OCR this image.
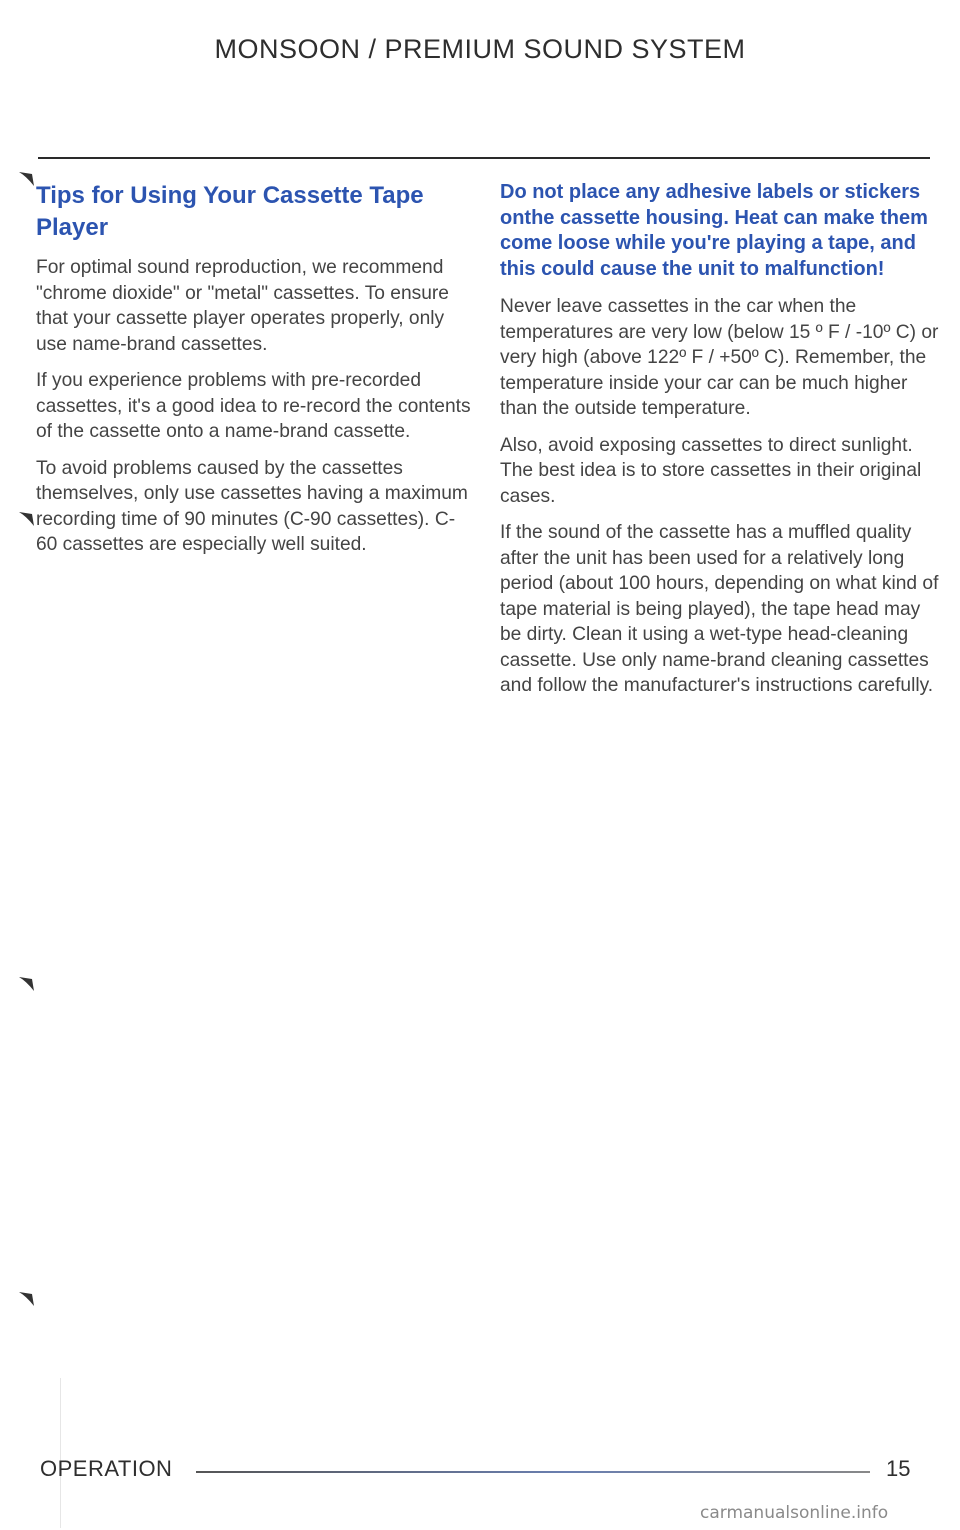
MONSOON / PREMIUM SOUND SYSTEM

Tips for Using Your Cassette Tape Player

For optimal sound reproduction, we recommend "chrome dioxide" or "metal" cassettes. To ensure that your cassette player operates properly, only use name-brand cassettes.

If you experience problems with pre-recorded cassettes, it's a good idea to re-record the contents of the cassette onto a name-brand cassette.

To avoid problems caused by the cassettes themselves, only use cassettes having a maximum recording time of 90 minutes (C-90 cassettes). C-60 cassettes are especially well suited.

Do not place any adhesive labels or stickers onthe cassette housing. Heat can make them come loose while you're playing a tape, and this could cause the unit to malfunction!

Never leave cassettes in the car when the temperatures are very low (below 15 º F / -10º C) or very high (above 122º F / +50º C). Remember, the temperature inside your car can be much higher than the outside temperature.

Also, avoid exposing cassettes to direct sunlight. The best idea is to store cassettes in their original cases.

If the sound of the cassette has a muffled quality after the unit has been used for a relatively long period (about 100 hours, depending on what kind of tape material is being played), the tape head may be dirty. Clean it using a wet-type head-cleaning cassette. Use only name-brand cleaning cassettes and follow the manufacturer's instructions carefully.

OPERATION	15
carmanualsonline.info
